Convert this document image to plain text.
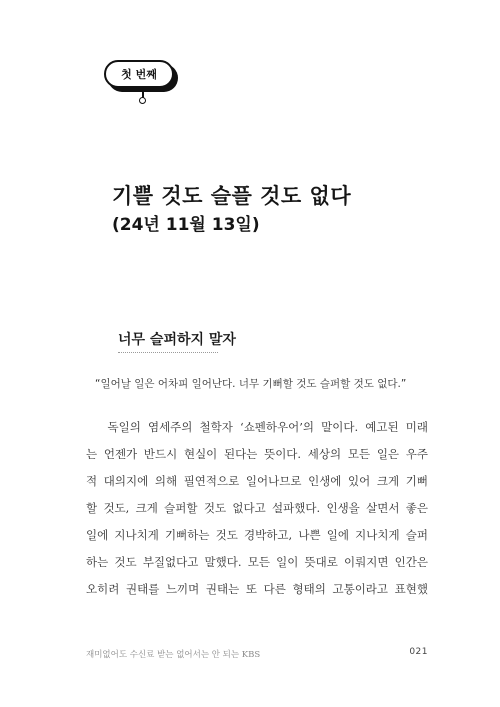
첫 번째
기쁠 것도 슬플 것도 없다
(24년 11월 13일)
너무 슬퍼하지 말자
“일어날 일은 어차피 일어난다. 너무 기뻐할 것도 슬퍼할 것도 없다.”
독일의 염세주의 철학자 ‘쇼펜하우어’의 말이다. 예고된 미래
는 언젠가 반드시 현실이 된다는 뜻이다. 세상의 모든 일은 우주
적 대의지에 의해 필연적으로 일어나므로 인생에 있어 크게 기뻐
할 것도, 크게 슬퍼할 것도 없다고 설파했다. 인생을 살면서 좋은
일에 지나치게 기뻐하는 것도 경박하고, 나쁜 일에 지나치게 슬퍼
하는 것도 부질없다고 말했다. 모든 일이 뜻대로 이뤄지면 인간은
오히려 권태를 느끼며 권태는 또 다른 형태의 고통이라고 표현했
재미없어도 수신료 받는 없어서는 안 되는 KBS	021
